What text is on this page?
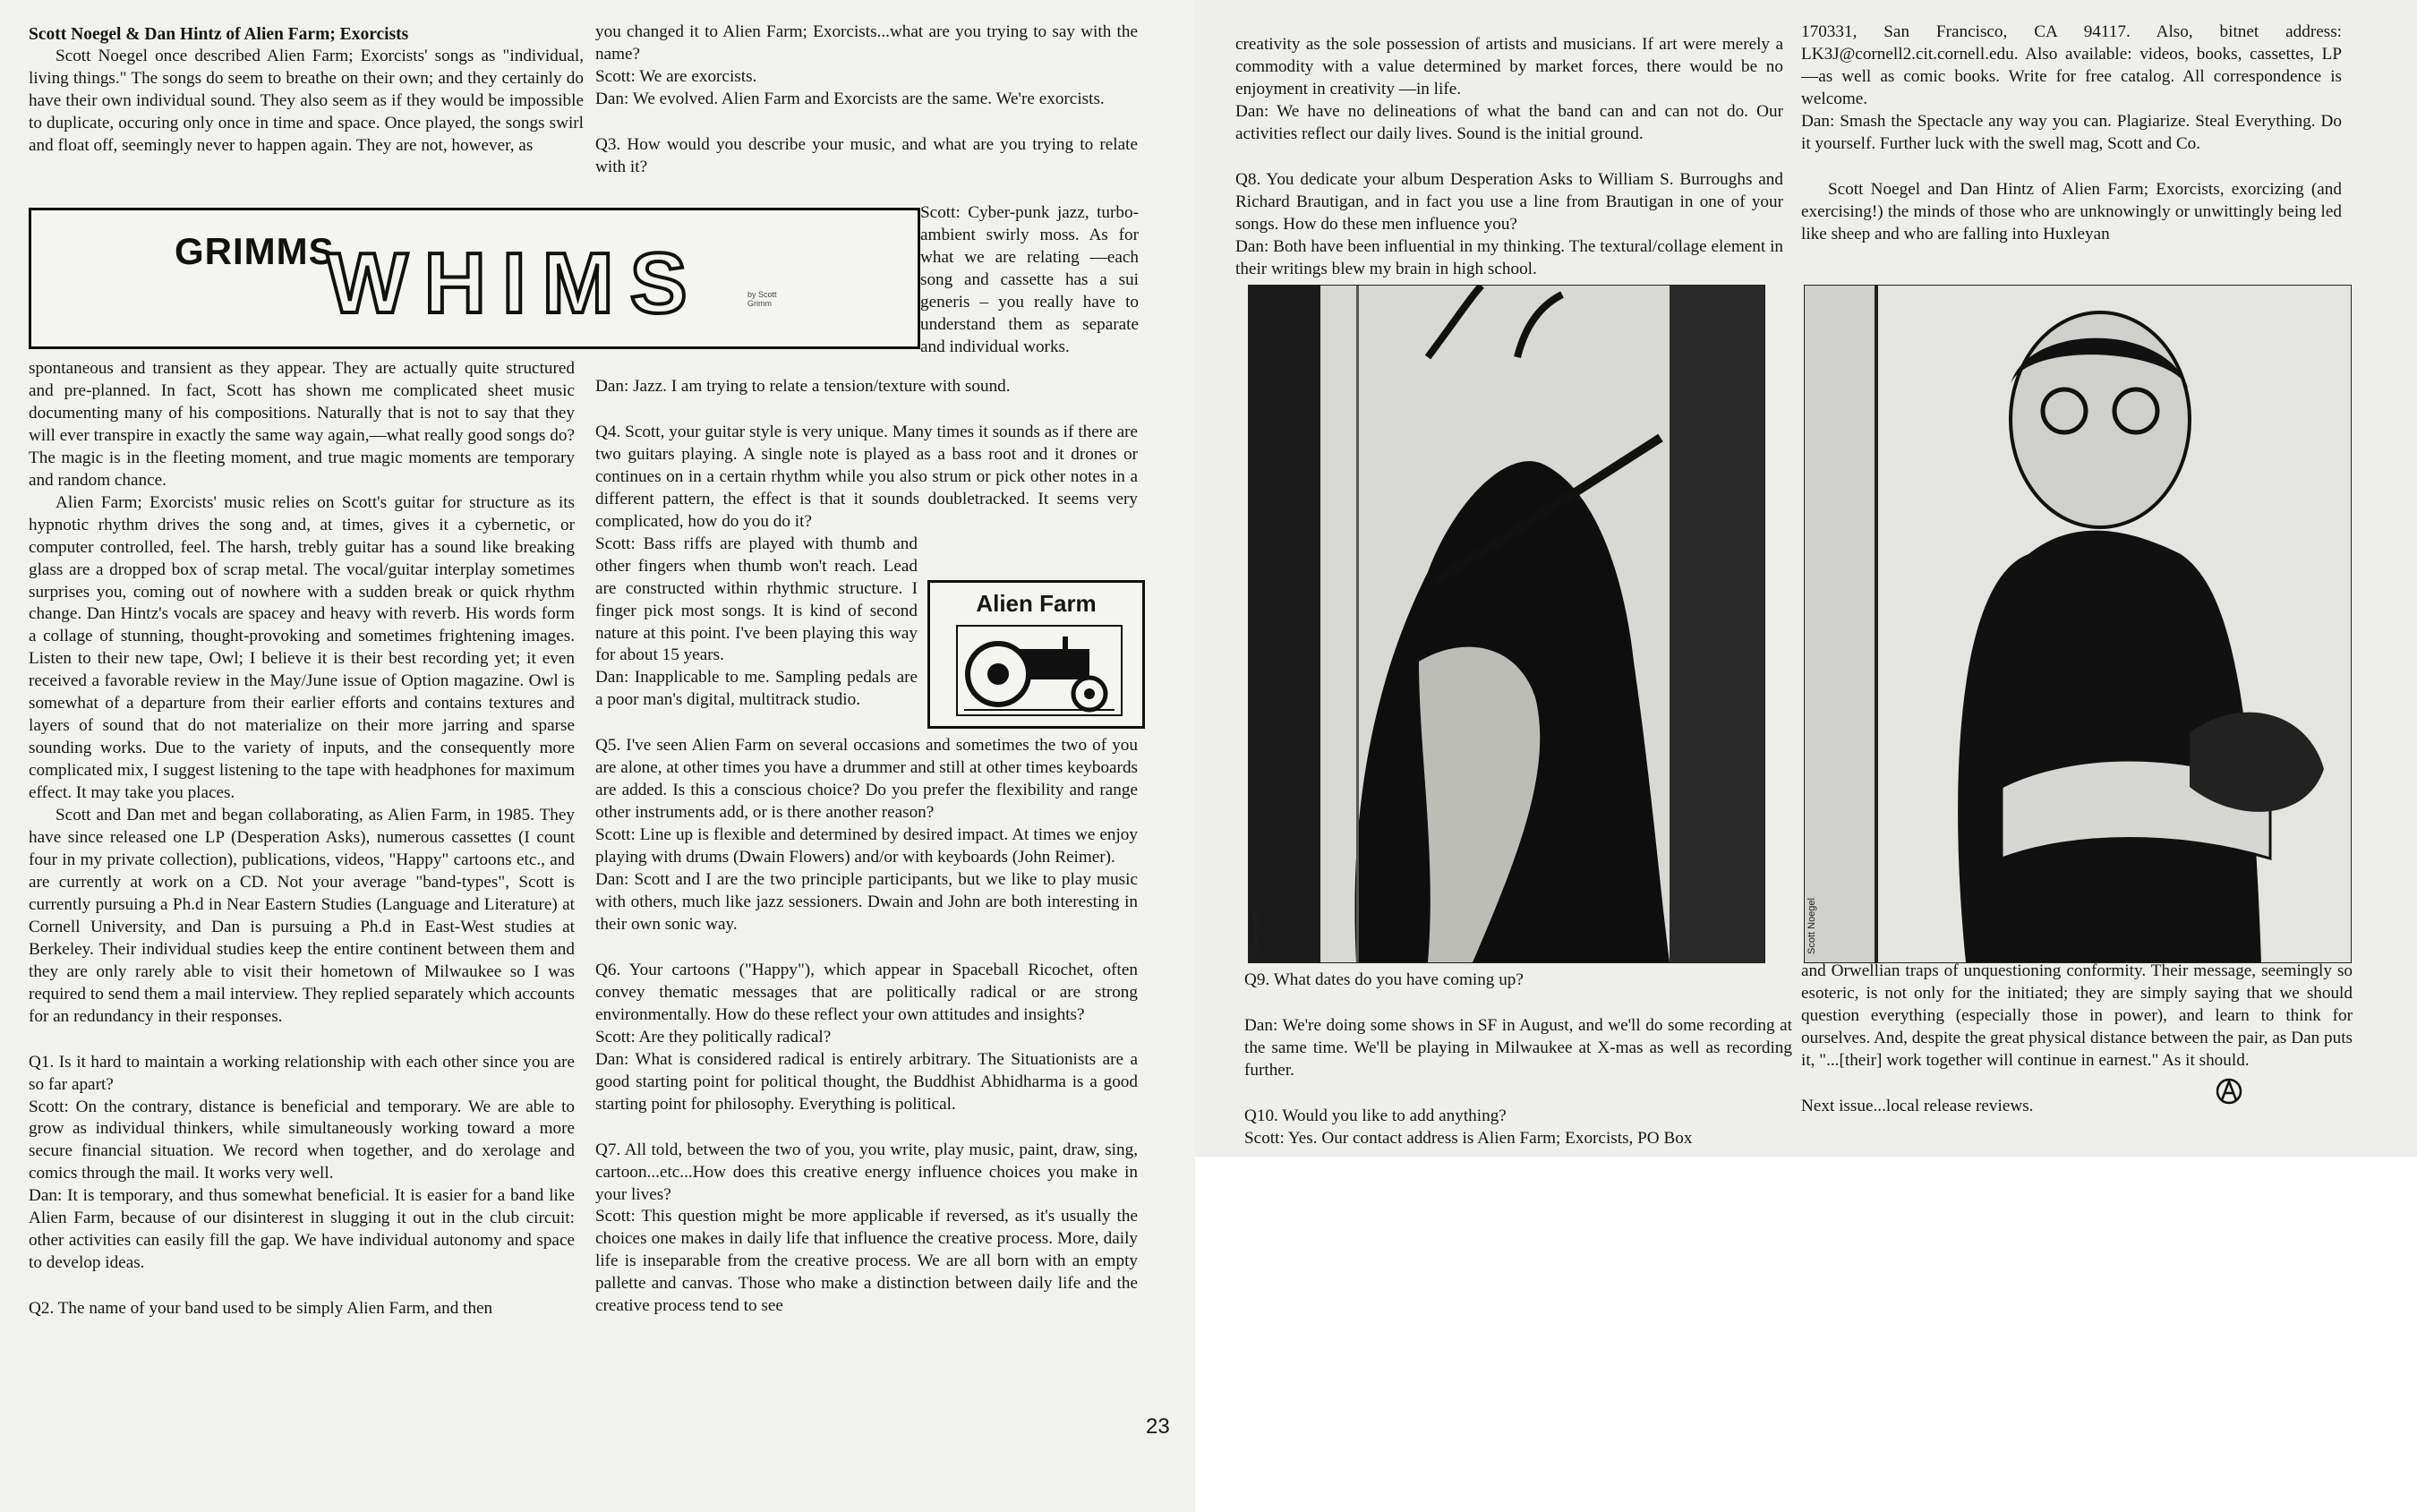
Scott Noegel & Dan Hintz of Alien Farm; Exorcists

Scott Noegel once described Alien Farm; Exorcists' songs as "individual, living things." The songs do seem to breathe on their own; and they certainly do have their own individual sound. They also seem as if they would be impossible to duplicate, occuring only once in time and space. Once played, the songs swirl and float off, seemingly never to happen again. They are not, however, as

GRIMMS
WHIMS	by Scott Grimm

spontaneous and transient as they appear. They are actually quite structured and pre-planned. In fact, Scott has shown me complicated sheet music documenting many of his compositions. Naturally that is not to say that they will ever transpire in exactly the same way again,—what really good songs do? The magic is in the fleeting moment, and true magic moments are temporary and random chance.

Alien Farm; Exorcists' music relies on Scott's guitar for structure as its hypnotic rhythm drives the song and, at times, gives it a cybernetic, or computer controlled, feel. The harsh, trebly guitar has a sound like breaking glass are a dropped box of scrap metal. The vocal/guitar interplay sometimes surprises you, coming out of nowhere with a sudden break or quick rhythm change. Dan Hintz's vocals are spacey and heavy with reverb. His words form a collage of stunning, thought-provoking and sometimes frightening images. Listen to their new tape, Owl; I believe it is their best recording yet; it even received a favorable review in the May/June issue of Option magazine. Owl is somewhat of a departure from their earlier efforts and contains textures and layers of sound that do not materialize on their more jarring and sparse sounding works. Due to the variety of inputs, and the consequently more complicated mix, I suggest listening to the tape with headphones for maximum effect. It may take you places.

Scott and Dan met and began collaborating, as Alien Farm, in 1985. They have since released one LP (Desperation Asks), numerous cassettes (I count four in my private collection), publications, videos, "Happy" cartoons etc., and are currently at work on a CD. Not your average "band-types", Scott is currently pursuing a Ph.d in Near Eastern Studies (Language and Literature) at Cornell University, and Dan is pursuing a Ph.d in East-West studies at Berkeley. Their individual studies keep the entire continent between them and they are only rarely able to visit their hometown of Milwaukee so I was required to send them a mail interview. They replied separately which accounts for an redundancy in their responses.

Q1. Is it hard to maintain a working relationship with each other since you are so far apart?

Scott: On the contrary, distance is beneficial and temporary. We are able to grow as individual thinkers, while simultaneously working toward a more secure financial situation. We record when together, and do xerolage and comics through the mail. It works very well.

Dan: It is temporary, and thus somewhat beneficial. It is easier for a band like Alien Farm, because of our disinterest in slugging it out in the club circuit: other activities can easily fill the gap. We have individual autonomy and space to develop ideas.

Q2. The name of your band used to be simply Alien Farm, and then

you changed it to Alien Farm; Exorcists...what are you trying to say with the name?

Scott: We are exorcists.

Dan: We evolved. Alien Farm and Exorcists are the same. We're exorcists.

Q3. How would you describe your music, and what are you trying to relate with it?

Scott: Cyber-punk jazz, turbo-ambient swirly moss. As for what we are relating —each song and cassette has a sui generis – you really have to understand them as separate and individual works.

Dan: Jazz. I am trying to relate a tension/texture with sound.

Q4. Scott, your guitar style is very unique. Many times it sounds as if there are two guitars playing. A single note is played as a bass root and it drones or continues on in a certain rhythm while you also strum or pick other notes in a different pattern, the effect is that it sounds doubletracked. It seems very complicated, how do you do it?

Scott: Bass riffs are played with thumb and other fingers when thumb won't reach. Lead are constructed within rhythmic structure. I finger pick most songs. It is kind of second nature at this point. I've been playing this way for about 15 years.

Dan: Inapplicable to me. Sampling pedals are a poor man's digital, multitrack studio.

Q5. I've seen Alien Farm on several occasions and sometimes the two of you are alone, at other times you have a drummer and still at other times keyboards are added. Is this a conscious choice? Do you prefer the flexibility and range other instruments add, or is there another reason?

Scott: Line up is flexible and determined by desired impact. At times we enjoy playing with drums (Dwain Flowers) and/or with keyboards (John Reimer).

Dan: Scott and I are the two principle participants, but we like to play music with others, much like jazz sessioners. Dwain and John are both interesting in their own sonic way.

Q6. Your cartoons ("Happy"), which appear in Spaceball Ricochet, often convey thematic messages that are politically radical or are strong environmentally. How do these reflect your own attitudes and insights?

Scott: Are they politically radical?

Dan: What is considered radical is entirely arbitrary. The Situationists are a good starting point for political thought, the Buddhist Abhidharma is a good starting point for philosophy. Everything is political.

Q7. All told, between the two of you, you write, play music, paint, draw, sing, cartoon...etc...How does this creative energy influence choices you make in your lives?

Scott: This question might be more applicable if reversed, as it's usually the choices one makes in daily life that influence the creative process. More, daily life is inseparable from the creative process. We are all born with an empty pallette and canvas. Those who make a distinction between daily life and the creative process tend to see

Alien Farm

creativity as the sole possession of artists and musicians. If art were merely a commodity with a value determined by market forces, there would be no enjoyment in creativity —in life.

Dan: We have no delineations of what the band can and can not do. Our activities reflect our daily lives. Sound is the initial ground.

Q8. You dedicate your album Desperation Asks to William S. Burroughs and Richard Brautigan, and in fact you use a line from Brautigan in one of your songs. How do these men influence you?

Dan: Both have been influential in my thinking. The textural/collage element in their writings blew my brain in high school.

Dan Hintz	Scott Noegel

Q9. What dates do you have coming up?

Dan: We're doing some shows in SF in August, and we'll do some recording at the same time. We'll be playing in Milwaukee at X-mas as well as recording further.

Q10. Would you like to add anything?

Scott: Yes. Our contact address is Alien Farm; Exorcists, PO Box

170331, San Francisco, CA 94117. Also, bitnet address: LK3J@cornell2.cit.cornell.edu. Also available: videos, books, cassettes, LP —as well as comic books. Write for free catalog. All correspondence is welcome.

Dan: Smash the Spectacle any way you can. Plagiarize. Steal Everything. Do it yourself. Further luck with the swell mag, Scott and Co.

Scott Noegel and Dan Hintz of Alien Farm; Exorcists, exorcizing (and exercising!) the minds of those who are unknowingly or unwittingly being led like sheep and who are falling into Huxleyan

and Orwellian traps of unquestioning conformity. Their message, seemingly so esoteric, is not only for the initiated; they are simply saying that we should question everything (especially those in power), and learn to think for ourselves. And, despite the great physical distance between the pair, as Dan puts it, "...[their] work together will continue in earnest." As it should.

Next issue...local release reviews.

23
